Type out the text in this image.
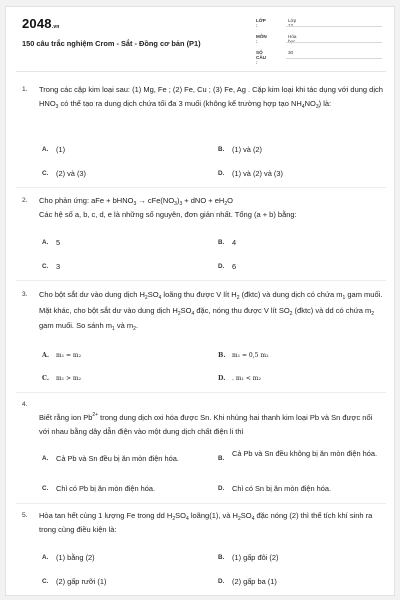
2048.vn
150 câu trắc nghiệm Crom - Sắt - Đồng cơ bản (P1)
LỚP :
Lớp 12
MÔN :
Hóa học
SỐ CÂU :
30
1. Trong các cặp kim loại sau: (1) Mg, Fe ; (2) Fe, Cu ; (3) Fe, Ag . Cặp kim loại khi tác dụng với dung dịch $HNO_3$ có thể tạo ra dung dịch chứa tối đa 3 muối (không kể trường hợp tạo $NH_4NO_3$) là:
A. (1)	B. (1) và (2)
C. (2) và (3)	D. (1) và (2) và (3)
2. Cho phản ứng: aFe + bHNO$_3$ → $cFe(NO_3)_3$ + dNO + $eH_2O$
Các hệ số a, b, c, d, e là những số nguyên, đơn giản nhất. Tổng (a + b) bằng:
A. 5	B. 4
C. 3	D. 6
3. Cho bột sắt dư vào dung dịch $H_2SO_4$ loãng thu được V lít $H_2$ (đktc) và dung dịch có chứa $m_1$ gam muối. Mặt khác, cho bột sắt dư vào dung dịch $H_2SO_4$ đặc, nóng thu được V lít $SO_2$ (đktc) và dd có chứa $m_2$ gam muối. So sánh $m_1$ và $m_2$.
A. m₁ = m₂	B. m₁ = 0,5 m₂
C. m₁ > m₂	D. . m₁ < m₂
4.
Biết rằng ion $Pb^{2+}$ trong dung dịch oxi hóa được Sn. Khi nhúng hai thanh kim loại Pb và Sn được nối với nhau bằng dây dẫn điện vào một dung dịch chất điện li thì
A. Cả Pb và Sn đều bị ăn mòn điện hóa.	B.
Cả Pb và Sn đều không bị ăn mòn điện hóa.
C. Chỉ có Pb bị ăn mòn điện hóa.	D. Chỉ có Sn bị ăn mòn điện hóa.
5. Hòa tan hết cùng 1 lượng Fe trong dd $H_2SO_4$ loãng(1), và $H_2SO_4$ đặc nóng (2) thì thể tích khí sinh ra trong cùng điều kiện là:
A. (1) bằng (2)	B. (1) gấp đôi (2)
C. (2) gấp rưỡi (1)	D. (2) gấp ba (1)
